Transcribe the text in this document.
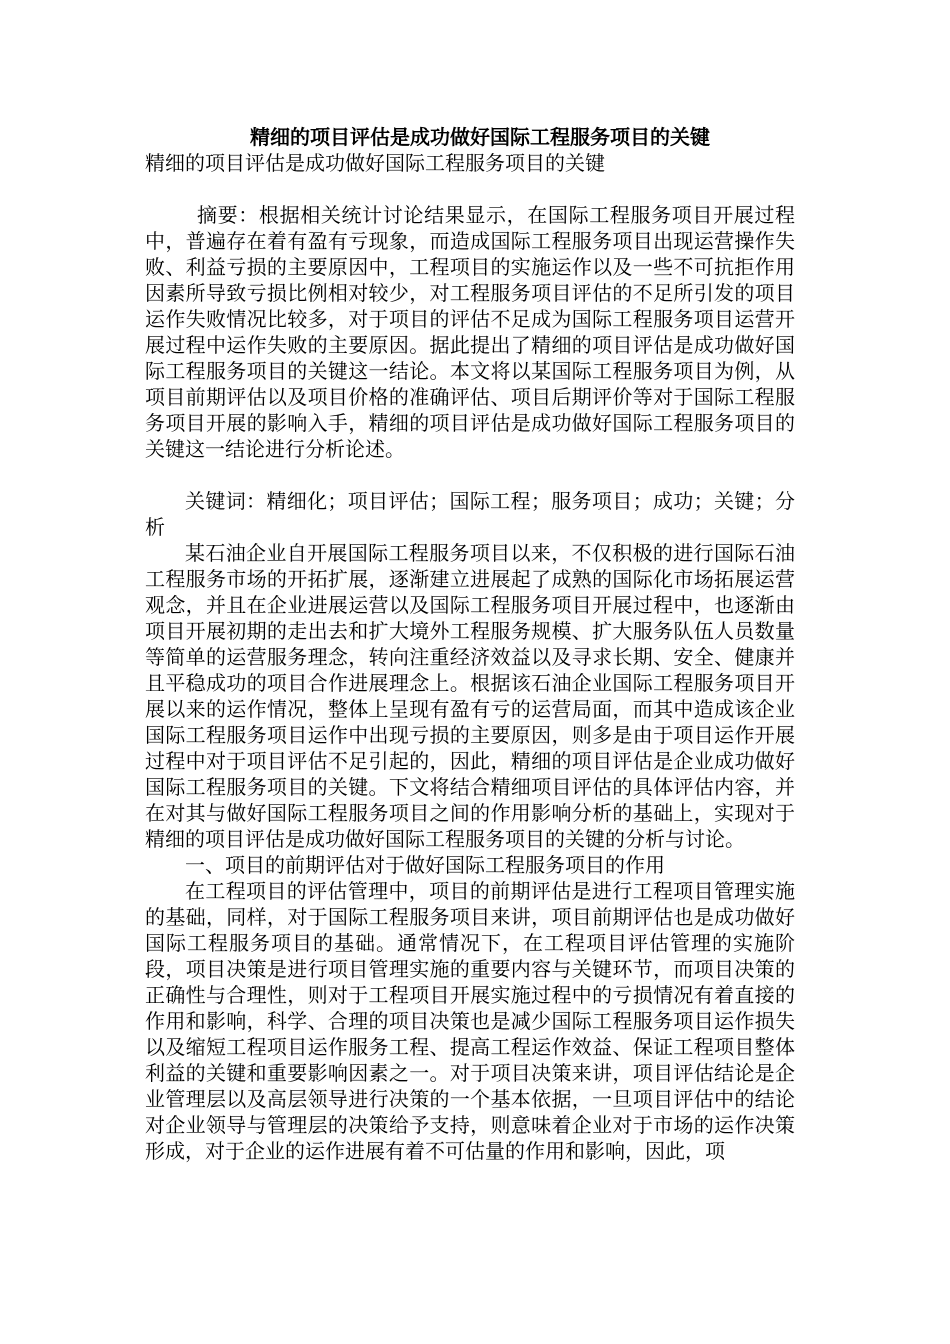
精细的项目评估是成功做好国际工程服务项目的关键

精细的项目评估是成功做好国际工程服务项目的关键

摘要：根据相关统计讨论结果显示，在国际工程服务项目开展过程中，普遍存在着有盈有亏现象，而造成国际工程服务项目出现运营操作失败、利益亏损的主要原因中，工程项目的实施运作以及一些不可抗拒作用因素所导致亏损比例相对较少，对工程服务项目评估的不足所引发的项目运作失败情况比较多，对于项目的评估不足成为国际工程服务项目运营开展过程中运作失败的主要原因。据此提出了精细的项目评估是成功做好国际工程服务项目的关键这一结论。本文将以某国际工程服务项目为例，从项目前期评估以及项目价格的准确评估、项目后期评价等对于国际工程服务项目开展的影响入手，精细的项目评估是成功做好国际工程服务项目的关键这一结论进行分析论述。

关键词：精细化；项目评估；国际工程；服务项目；成功；关键；分析

某石油企业自开展国际工程服务项目以来，不仅积极的进行国际石油工程服务市场的开拓扩展，逐渐建立进展起了成熟的国际化市场拓展运营观念，并且在企业进展运营以及国际工程服务项目开展过程中，也逐渐由项目开展初期的走出去和扩大境外工程服务规模、扩大服务队伍人员数量等简单的运营服务理念，转向注重经济效益以及寻求长期、安全、健康并且平稳成功的项目合作进展理念上。根据该石油企业国际工程服务项目开展以来的运作情况，整体上呈现有盈有亏的运营局面，而其中造成该企业国际工程服务项目运作中出现亏损的主要原因，则多是由于项目运作开展过程中对于项目评估不足引起的，因此，精细的项目评估是企业成功做好国际工程服务项目的关键。下文将结合精细项目评估的具体评估内容，并在对其与做好国际工程服务项目之间的作用影响分析的基础上，实现对于精细的项目评估是成功做好国际工程服务项目的关键的分析与讨论。

一、项目的前期评估对于做好国际工程服务项目的作用

在工程项目的评估管理中，项目的前期评估是进行工程项目管理实施的基础，同样，对于国际工程服务项目来讲，项目前期评估也是成功做好国际工程服务项目的基础。通常情况下，在工程项目评估管理的实施阶段，项目决策是进行项目管理实施的重要内容与关键环节，而项目决策的正确性与合理性，则对于工程项目开展实施过程中的亏损情况有着直接的作用和影响，科学、合理的项目决策也是减少国际工程服务项目运作损失以及缩短工程项目运作服务工程、提高工程运作效益、保证工程项目整体利益的关键和重要影响因素之一。对于项目决策来讲，项目评估结论是企业管理层以及高层领导进行决策的一个基本依据，一旦项目评估中的结论对企业领导与管理层的决策给予支持，则意味着企业对于市场的运作决策形成，对于企业的运作进展有着不可估量的作用和影响，因此，项
